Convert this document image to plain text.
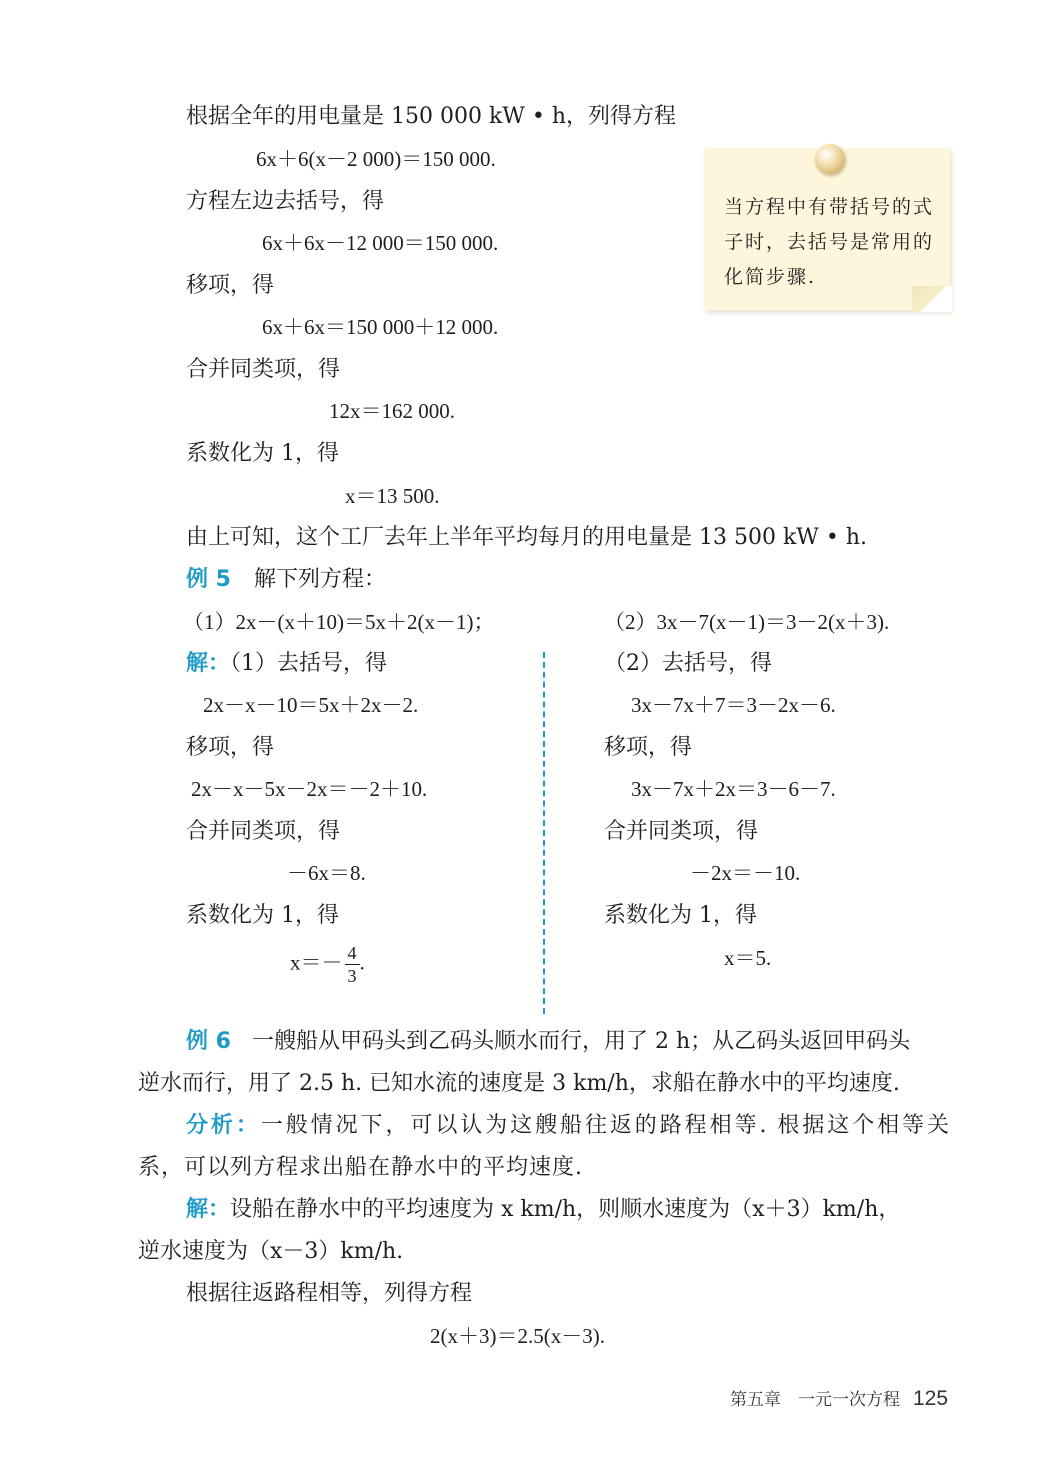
根据全年的用电量是 150 000 kW • h，列得方程
6x＋6(x－2 000)＝150 000.
方程左边去括号，得
6x＋6x－12 000＝150 000.
移项，得
6x＋6x＝150 000＋12 000.
合并同类项，得
12x＝162 000.
系数化为 1，得
x＝13 500.
由上可知，这个工厂去年上半年平均每月的用电量是 13 500 kW • h.
当方程中有带括号的式子时，去括号是常用的化简步骤.
例 5 解下列方程：
（1）2x－(x＋10)＝5x＋2(x－1)；	（2）3x－7(x－1)＝3－2(x＋3).
解：（1）去括号，得
2x－x－10＝5x＋2x－2.
移项，得
2x－x－5x－2x＝－2＋10.
合并同类项，得
－6x＝8.
系数化为 1，得
$x=- \frac{4}{3}$ .
（2）去括号，得
3x－7x＋7＝3－2x－6.
移项，得
3x－7x＋2x＝3－6－7.
合并同类项，得
－2x＝－10.
系数化为 1，得
x＝5.
例 6 一艘船从甲码头到乙码头顺水而行，用了 2 h；从乙码头返回甲码头
逆水而行，用了 2.5 h. 已知水流的速度是 3 km/h，求船在静水中的平均速度.
分析：一般情况下，可以认为这艘船往返的路程相等. 根据这个相等关
系，可以列方程求出船在静水中的平均速度.
解：设船在静水中的平均速度为 x km/h，则顺水速度为（x＋3）km/h，
逆水速度为（x－3）km/h.
根据往返路程相等，列得方程
2(x＋3)＝2.5(x－3).
第五章　一元一次方程 125
